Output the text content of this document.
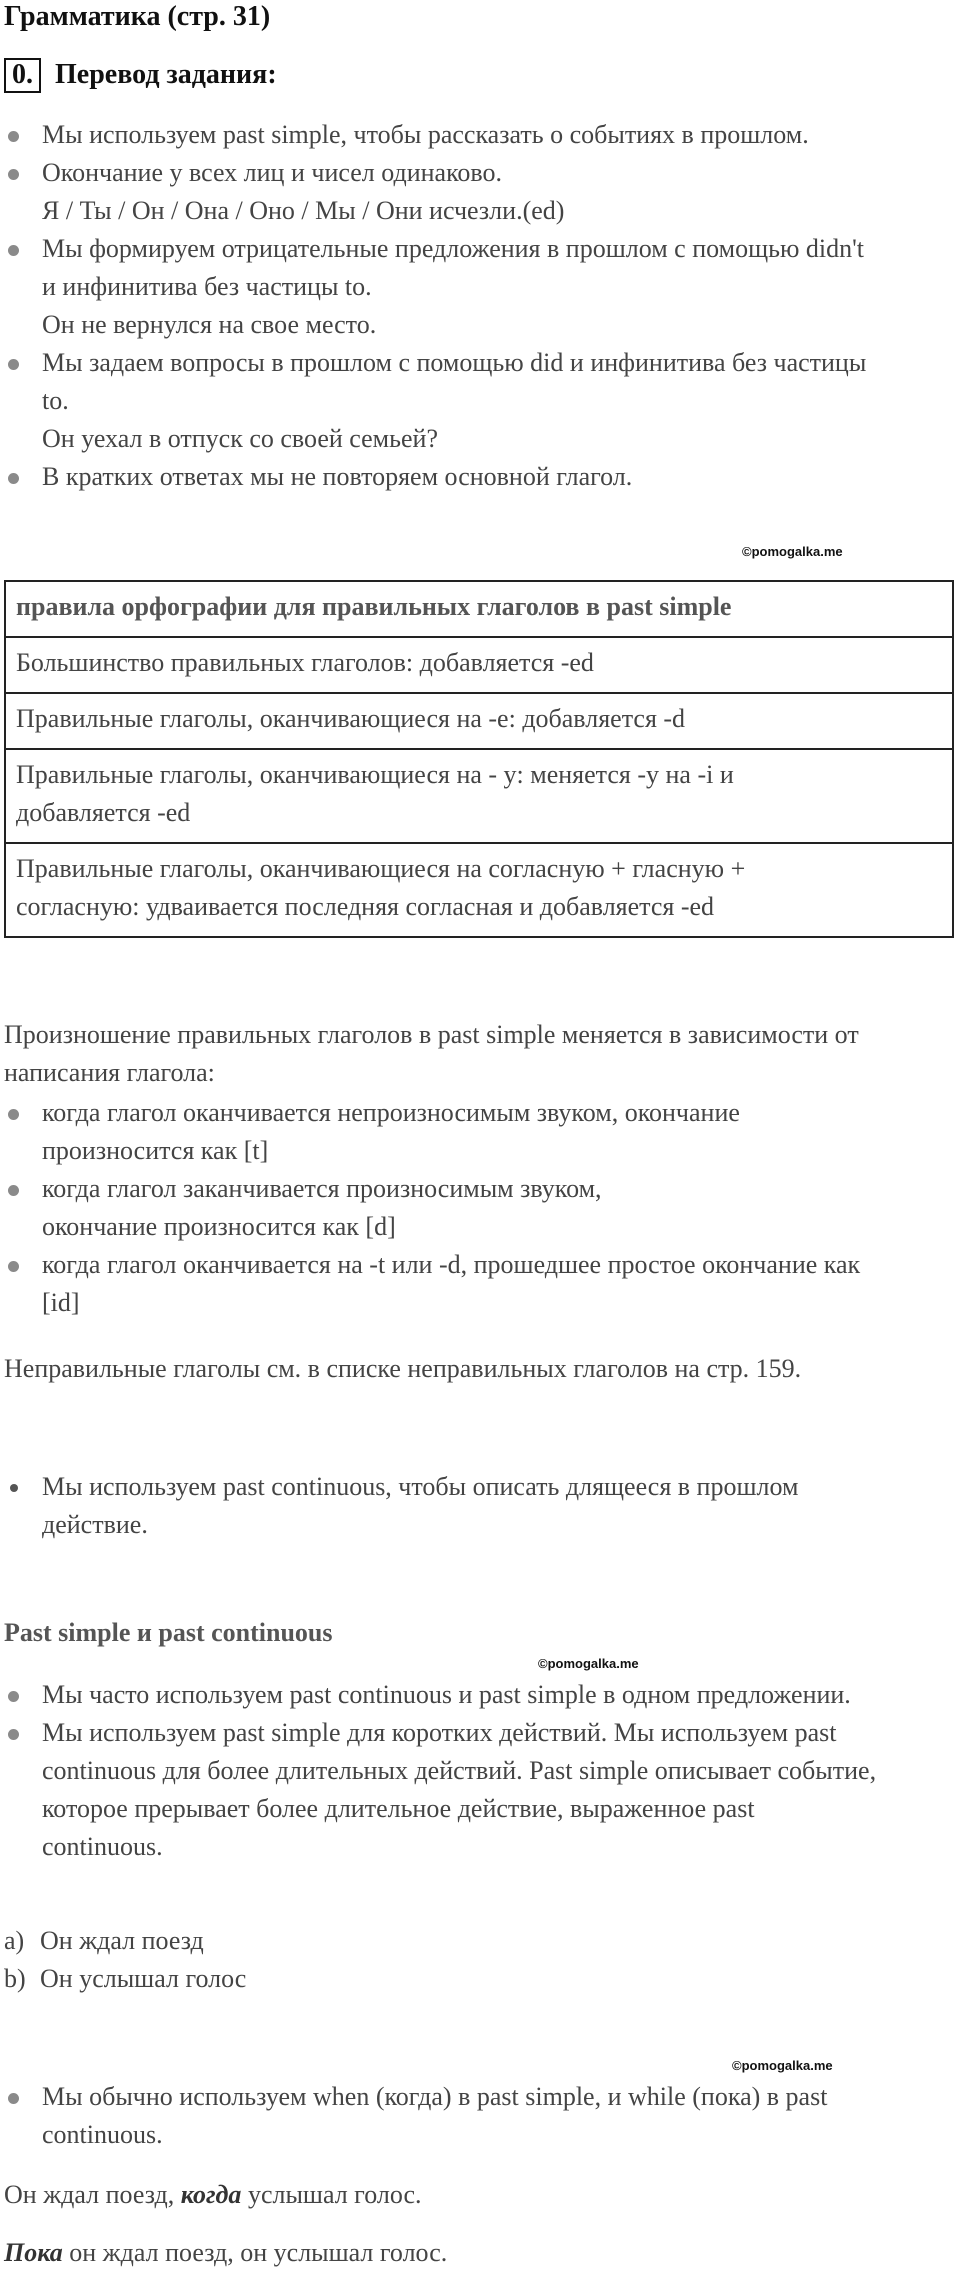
Грамматика (стр. 31)
0. Перевод задания:
Мы используем past simple, чтобы рассказать о событиях в прошлом.
Окончание у всех лиц и чисел одинаково.
Я / Ты / Он / Она / Оно / Мы / Они исчезли.(ed)
Мы формируем отрицательные предложения в прошлом с помощью didn't
и инфинитива без частицы to.
Он не вернулся на свое место.
Мы задаем вопросы в прошлом с помощью did и инфинитива без частицы
to.
Он уехал в отпуск со своей семьей?
В кратких ответах мы не повторяем основной глагол.
©pomogalka.me
правила орфографии для правильных глаголов в past simple

Большинство правильных глаголов: добавляется -ed

Правильные глаголы, оканчивающиеся на -e: добавляется -d

Правильные глаголы, оканчивающиеся на - y: меняется -y на -i и
добавляется -ed

Правильные глаголы, оканчивающиеся на согласную + гласную +
согласную: удваивается последняя согласная и добавляется -ed
Произношение правильных глаголов в past simple меняется в зависимости от
написания глагола:
когда глагол оканчивается непроизносимым звуком, окончание
произносится как [t]
когда глагол заканчивается произносимым звуком,
окончание произносится как [d]
когда глагол оканчивается на -t или -d, прошедшее простое окончание как
[id]
Неправильные глаголы см. в списке неправильных глаголов на стр. 159.
Мы используем past continuous, чтобы описать длящееся в прошлом
действие.
Past simple и past continuous
©pomogalka.me
Мы часто используем past continuous и past simple в одном предложении.
Мы используем past simple для коротких действий. Мы используем past
continuous для более длительных действий. Past simple описывает событие,
которое прерывает более длительное действие, выраженное past
continuous.
a) Он ждал поезд
b) Он услышал голос
©pomogalka.me
Мы обычно используем when (когда) в past simple, и while (пока) в past
continuous.
Он ждал поезд, когда услышал голос.
Пока он ждал поезд, он услышал голос.
